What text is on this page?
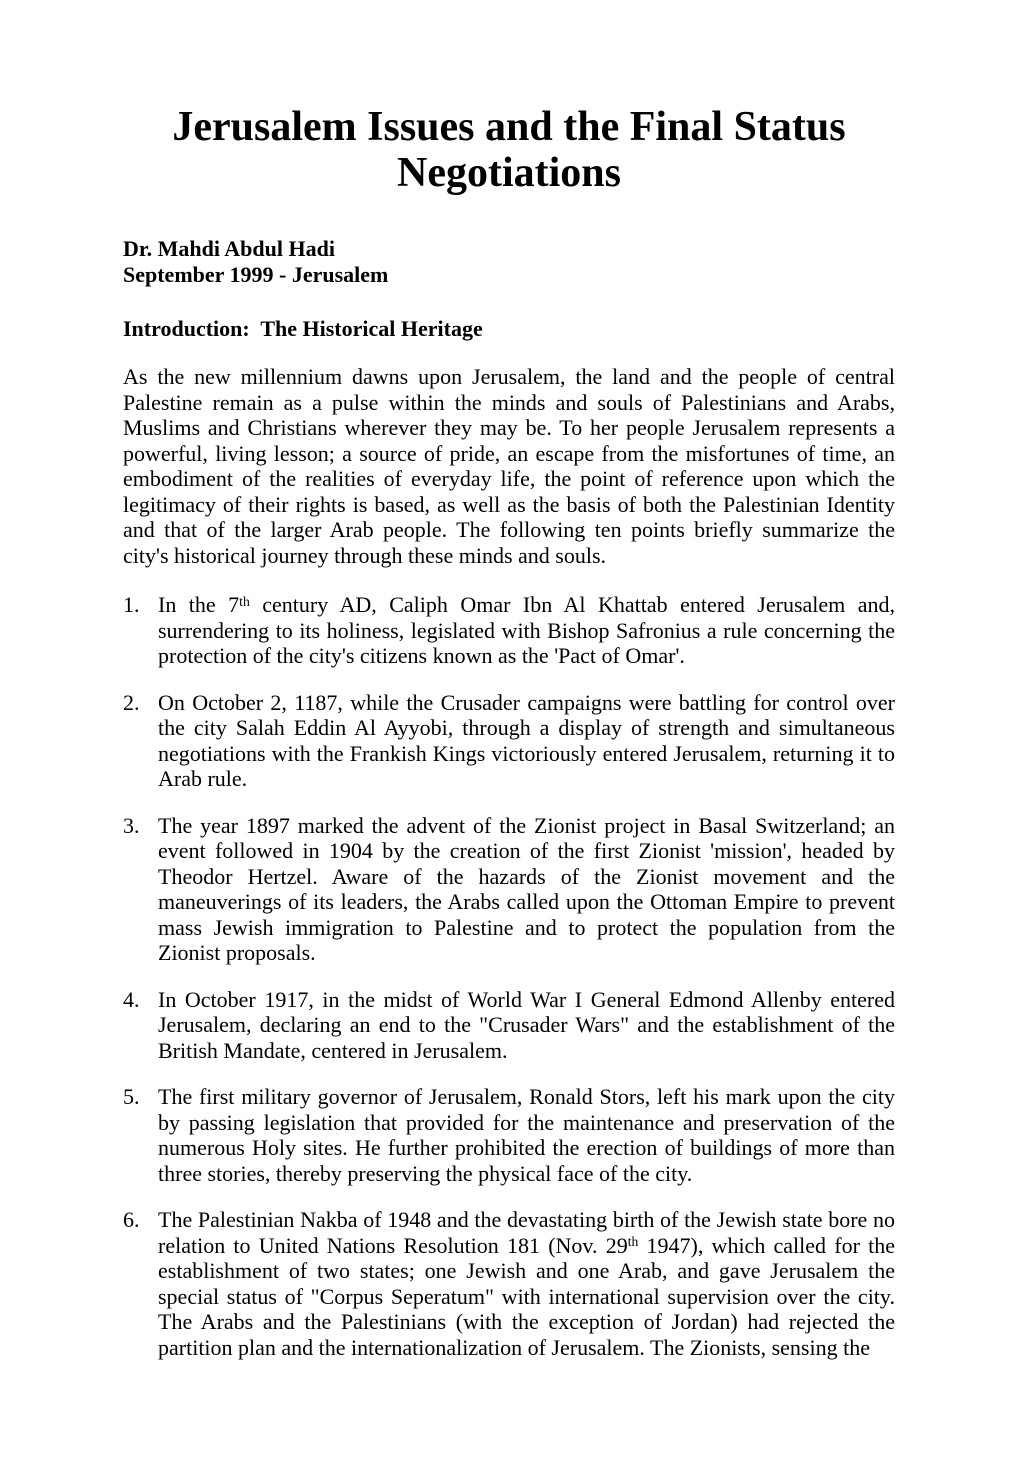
Jerusalem Issues and the Final Status
Negotiations
Dr. Mahdi Abdul Hadi
September 1999 - Jerusalem
Introduction:  The Historical Heritage

As the new millennium dawns upon Jerusalem, the land and the people of central Palestine remain as a pulse within the minds and souls of Palestinians and Arabs, Muslims and Christians wherever they may be. To her people Jerusalem represents a powerful, living lesson; a source of pride, an escape from the misfortunes of time, an embodiment of the realities of everyday life, the point of reference upon which the legitimacy of their rights is based, as well as the basis of both the Palestinian Identity and that of the larger Arab people. The following ten points briefly summarize the city's historical journey through these minds and souls.

1. In the 7th century AD, Caliph Omar Ibn Al Khattab entered Jerusalem and, surrendering to its holiness, legislated with Bishop Safronius a rule concerning the protection of the city's citizens known as the 'Pact of Omar'.
2. On October 2, 1187, while the Crusader campaigns were battling for control over the city Salah Eddin Al Ayyobi, through a display of strength and simultaneous negotiations with the Frankish Kings victoriously entered Jerusalem, returning it to Arab rule.
3. The year 1897 marked the advent of the Zionist project in Basal Switzerland; an event followed in 1904 by the creation of the first Zionist 'mission', headed by Theodor Hertzel. Aware of the hazards of the Zionist movement and the maneuverings of its leaders, the Arabs called upon the Ottoman Empire to prevent mass Jewish immigration to Palestine and to protect the population from the Zionist proposals.
4. In October 1917, in the midst of World War I General Edmond Allenby entered Jerusalem, declaring an end to the "Crusader Wars" and the establishment of the British Mandate, centered in Jerusalem.
5. The first military governor of Jerusalem, Ronald Stors, left his mark upon the city by passing legislation that provided for the maintenance and preservation of the numerous Holy sites. He further prohibited the erection of buildings of more than three stories, thereby preserving the physical face of the city.
6. The Palestinian Nakba of 1948 and the devastating birth of the Jewish state bore no relation to United Nations Resolution 181 (Nov. 29th 1947), which called for the establishment of two states; one Jewish and one Arab, and gave Jerusalem the special status of "Corpus Seperatum" with international supervision over the city. The Arabs and the Palestinians (with the exception of Jordan) had rejected the partition plan and the internationalization of Jerusalem. The Zionists, sensing the
